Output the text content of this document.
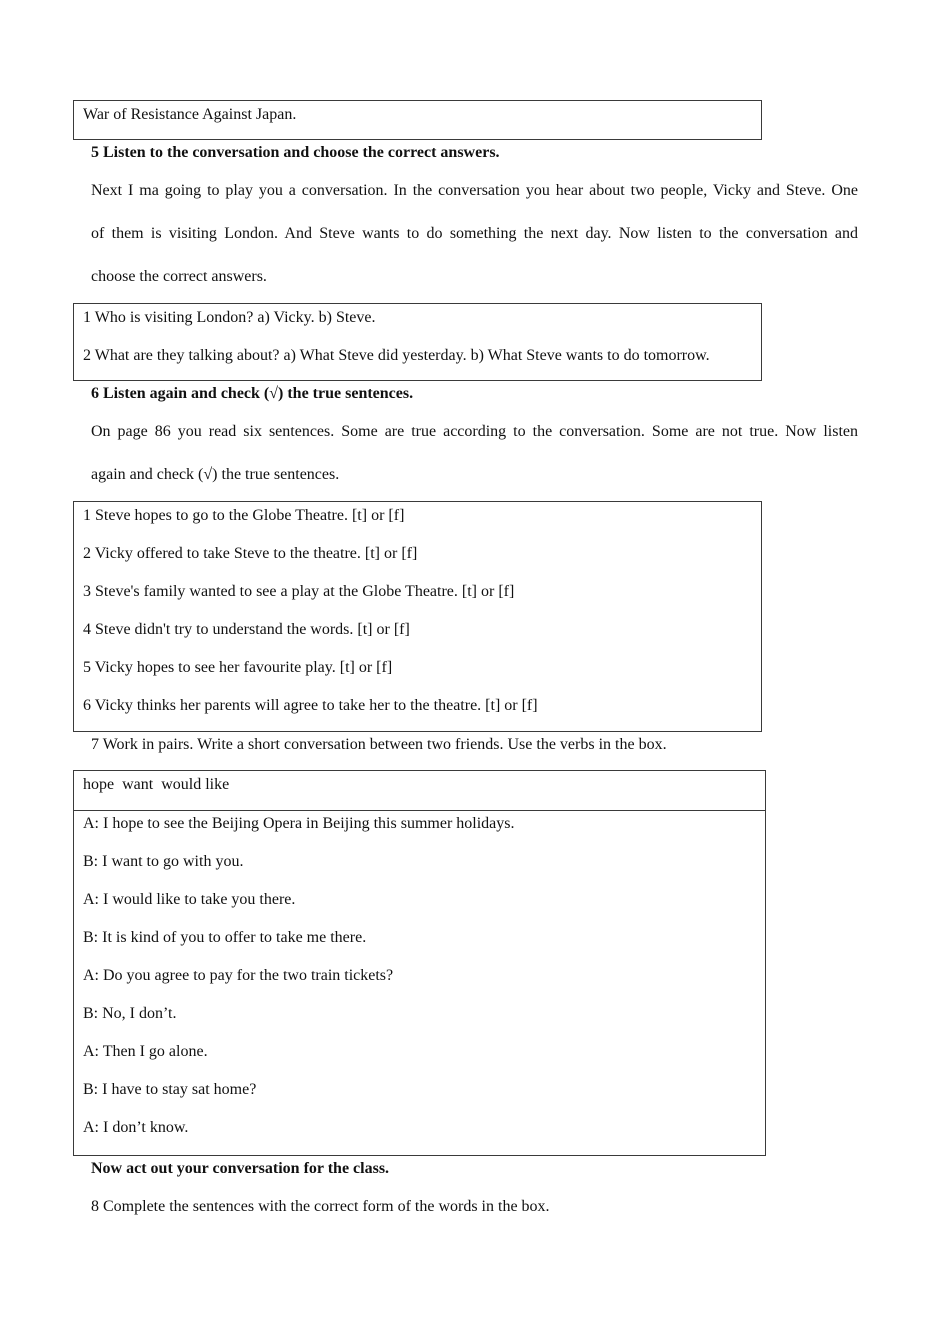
War of Resistance Against Japan.
5 Listen to the conversation and choose the correct answers.
Next I ma going to play you a conversation. In the conversation you hear about two people, Vicky and Steve. One
of them is visiting London. And Steve wants to do something the next day. Now listen to the conversation and
choose the correct answers.
1 Who is visiting London? a) Vicky. b) Steve.
2 What are they talking about? a) What Steve did yesterday. b) What Steve wants to do tomorrow.
6 Listen again and check (√) the true sentences.
On page 86 you read six sentences. Some are true according to the conversation. Some are not true. Now listen
again and check (√) the true sentences.
1 Steve hopes to go to the Globe Theatre. [t] or [f]
2 Vicky offered to take Steve to the theatre. [t] or [f]
3 Steve's family wanted to see a play at the Globe Theatre. [t] or [f]
4 Steve didn't try to understand the words. [t] or [f]
5 Vicky hopes to see her favourite play. [t] or [f]
6 Vicky thinks her parents will agree to take her to the theatre. [t] or [f]
7 Work in pairs. Write a short conversation between two friends. Use the verbs in the box.
hope  want  would like
A: I hope to see the Beijing Opera in Beijing this summer holidays.
B: I want to go with you.
A: I would like to take you there.
B: It is kind of you to offer to take me there.
A: Do you agree to pay for the two train tickets?
B: No, I don’t.
A: Then I go alone.
B: I have to stay sat home?
A: I don’t know.
Now act out your conversation for the class.
8 Complete the sentences with the correct form of the words in the box.
